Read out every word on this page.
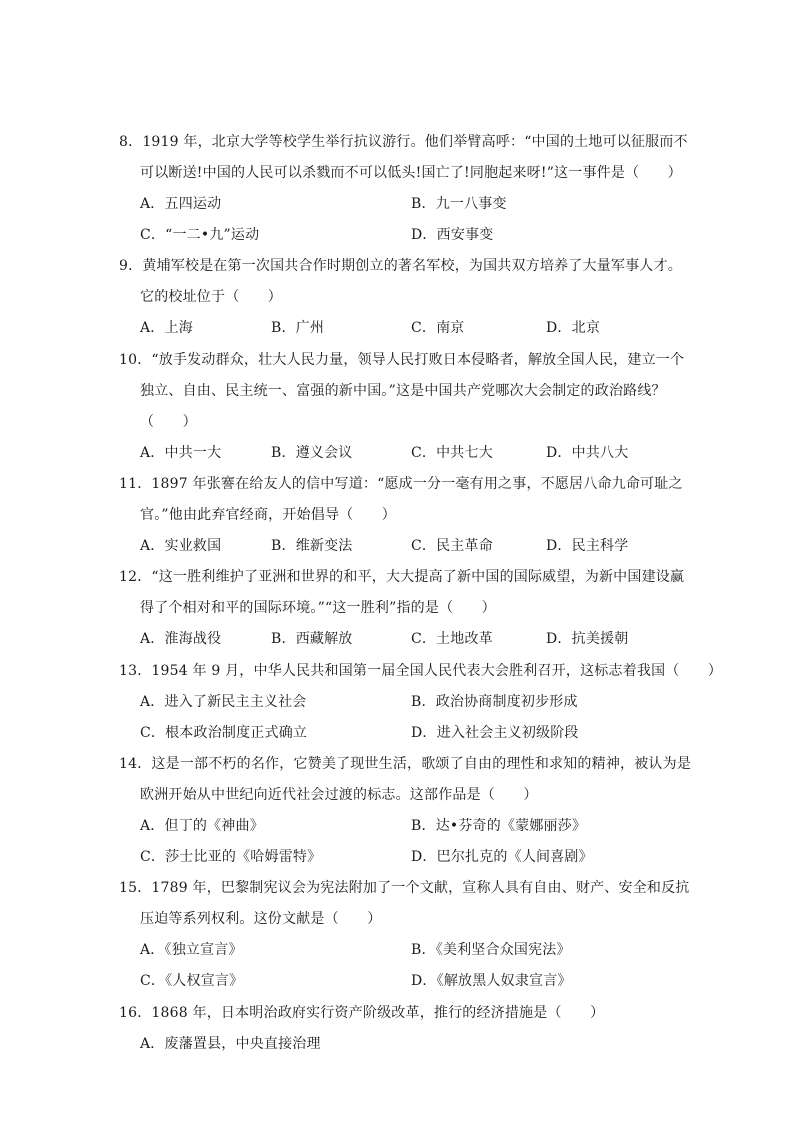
8．1919 年，北京大学等校学生举行抗议游行。他们举臂高呼：“中国的土地可以征服而不
可以断送!中国的人民可以杀戮而不可以低头!国亡了!同胞起来呀!”这一事件是（　　）
A．五四运动	B．九一八事变
C．“一二•九”运动	D．西安事变
9．黄埔军校是在第一次国共合作时期创立的著名军校，为国共双方培养了大量军事人才。
它的校址位于（　　）
A．上海	B．广州	C．南京	D．北京
10．“放手发动群众，壮大人民力量，领导人民打败日本侵略者，解放全国人民，建立一个
独立、自由、民主统一、富强的新中国。”这是中国共产党哪次大会制定的政治路线？
（　　）
A．中共一大	B．遵义会议	C．中共七大	D．中共八大
11．1897 年张謇在给友人的信中写道：“愿成一分一毫有用之事，不愿居八命九命可耻之
官。”他由此弃官经商，开始倡导（　　）
A．实业救国	B．维新变法	C．民主革命	D．民主科学
12．“这一胜利维护了亚洲和世界的和平，大大提高了新中国的国际威望，为新中国建设赢
得了个相对和平的国际环境。”“这一胜利”指的是（　　）
A．淮海战役	B．西藏解放	C．土地改革	D．抗美援朝
13．1954 年 9 月，中华人民共和国第一届全国人民代表大会胜利召开，这标志着我国（　　）
A．进入了新民主主义社会	B．政治协商制度初步形成
C．根本政治制度正式确立	D．进入社会主义初级阶段
14．这是一部不朽的名作，它赞美了现世生活，歌颂了自由的理性和求知的精神，被认为是
欧洲开始从中世纪向近代社会过渡的标志。这部作品是（　　）
A．但丁的《神曲》	B．达•芬奇的《蒙娜丽莎》
C．莎士比亚的《哈姆雷特》	D．巴尔扎克的《人间喜剧》
15．1789 年，巴黎制宪议会为宪法附加了一个文献，宣称人具有自由、财产、安全和反抗
压迫等系列权利。这份文献是（　　）
A．《独立宣言》	B．《美利坚合众国宪法》
C．《人权宣言》	D．《解放黑人奴隶宣言》
16．1868 年，日本明治政府实行资产阶级改革，推行的经济措施是（　　）
A．废藩置县，中央直接治理
